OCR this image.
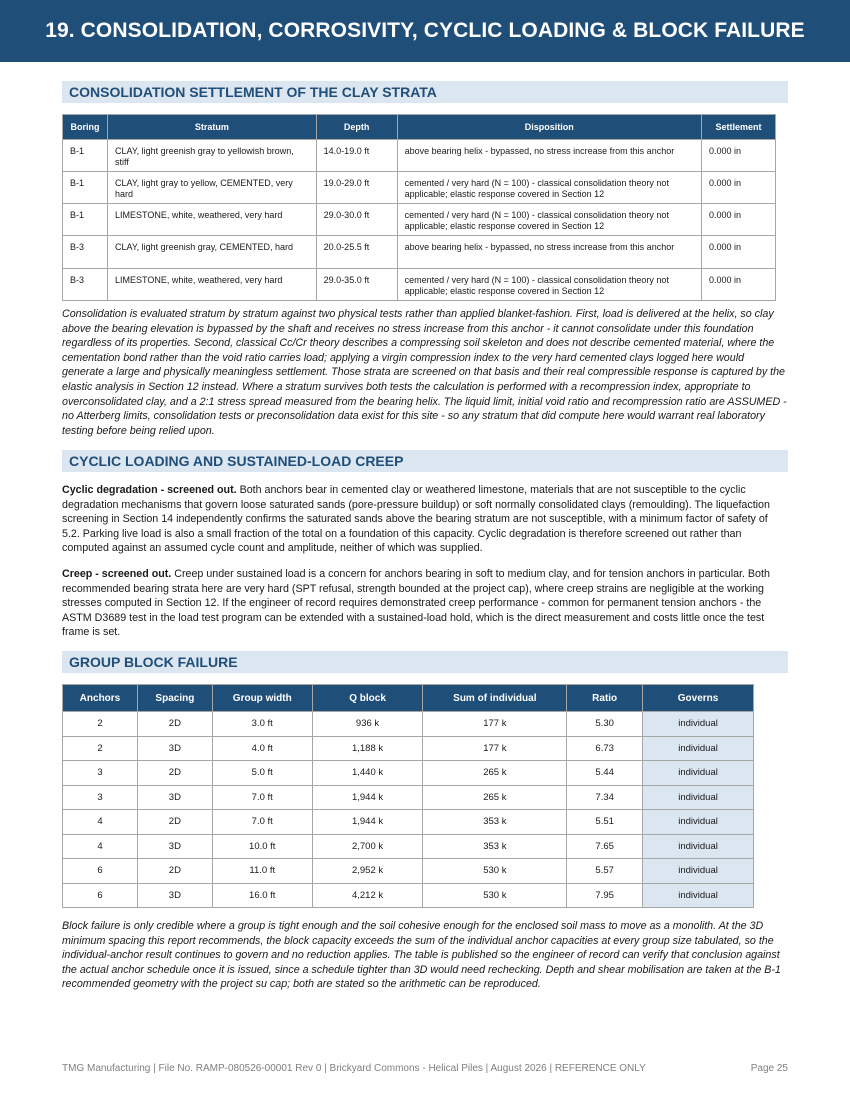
19. CONSOLIDATION, CORROSIVITY, CYCLIC LOADING & BLOCK FAILURE
CONSOLIDATION SETTLEMENT OF THE CLAY STRATA
Boring	Stratum	Depth	Disposition	Settlement
B-1	CLAY, light greenish gray to yellowish brown, stiff	14.0-19.0 ft	above bearing helix - bypassed, no stress increase from this anchor	0.000 in
B-1	CLAY, light gray to yellow, CEMENTED, very hard	19.0-29.0 ft	cemented / very hard (N = 100) - classical consolidation theory not applicable; elastic response covered in Section 12	0.000 in
B-1	LIMESTONE, white, weathered, very hard	29.0-30.0 ft	cemented / very hard (N = 100) - classical consolidation theory not applicable; elastic response covered in Section 12	0.000 in
B-3	CLAY, light greenish gray, CEMENTED, hard	20.0-25.5 ft	above bearing helix - bypassed, no stress increase from this anchor	0.000 in
B-3	LIMESTONE, white, weathered, very hard	29.0-35.0 ft	cemented / very hard (N = 100) - classical consolidation theory not applicable; elastic response covered in Section 12	0.000 in

Consolidation is evaluated stratum by stratum against two physical tests rather than applied blanket-fashion. First, load is delivered at the helix, so clay above the bearing elevation is bypassed by the shaft and receives no stress increase from this anchor - it cannot consolidate under this foundation regardless of its properties. Second, classical Cc/Cr theory describes a compressing soil skeleton and does not describe cemented material, where the cementation bond rather than the void ratio carries load; applying a virgin compression index to the very hard cemented clays logged here would generate a large and physically meaningless settlement. Those strata are screened on that basis and their real compressible response is captured by the elastic analysis in Section 12 instead. Where a stratum survives both tests the calculation is performed with a recompression index, appropriate to overconsolidated clay, and a 2:1 stress spread measured from the bearing helix. The liquid limit, initial void ratio and recompression ratio are ASSUMED - no Atterberg limits, consolidation tests or preconsolidation data exist for this site - so any stratum that did compute here would warrant real laboratory testing before being relied upon.

CYCLIC LOADING AND SUSTAINED-LOAD CREEP

Cyclic degradation - screened out. Both anchors bear in cemented clay or weathered limestone, materials that are not susceptible to the cyclic degradation mechanisms that govern loose saturated sands (pore-pressure buildup) or soft normally consolidated clays (remoulding). The liquefaction screening in Section 14 independently confirms the saturated sands above the bearing stratum are not susceptible, with a minimum factor of safety of 5.2. Parking live load is also a small fraction of the total on a foundation of this capacity. Cyclic degradation is therefore screened out rather than computed against an assumed cycle count and amplitude, neither of which was supplied.

Creep - screened out. Creep under sustained load is a concern for anchors bearing in soft to medium clay, and for tension anchors in particular. Both recommended bearing strata here are very hard (SPT refusal, strength bounded at the project cap), where creep strains are negligible at the working stresses computed in Section 12. If the engineer of record requires demonstrated creep performance - common for permanent tension anchors - the ASTM D3689 test in the load test program can be extended with a sustained-load hold, which is the direct measurement and costs little once the test frame is set.

GROUP BLOCK FAILURE
Anchors	Spacing	Group width	Q block	Sum of individual	Ratio	Governs
2	2D	3.0 ft	936 k	177 k	5.30	individual
2	3D	4.0 ft	1,188 k	177 k	6.73	individual
3	2D	5.0 ft	1,440 k	265 k	5.44	individual
3	3D	7.0 ft	1,944 k	265 k	7.34	individual
4	2D	7.0 ft	1,944 k	353 k	5.51	individual
4	3D	10.0 ft	2,700 k	353 k	7.65	individual
6	2D	11.0 ft	2,952 k	530 k	5.57	individual
6	3D	16.0 ft	4,212 k	530 k	7.95	individual

Block failure is only credible where a group is tight enough and the soil cohesive enough for the enclosed soil mass to move as a monolith. At the 3D minimum spacing this report recommends, the block capacity exceeds the sum of the individual anchor capacities at every group size tabulated, so the individual-anchor result continues to govern and no reduction applies. The table is published so the engineer of record can verify that conclusion against the actual anchor schedule once it is issued, since a schedule tighter than 3D would need rechecking. Depth and shear mobilisation are taken at the B-1 recommended geometry with the project su cap; both are stated so the arithmetic can be reproduced.

TMG Manufacturing | File No. RAMP-080526-00001 Rev 0 | Brickyard Commons - Helical Piles | August 2026 | REFERENCE ONLY	Page 25
